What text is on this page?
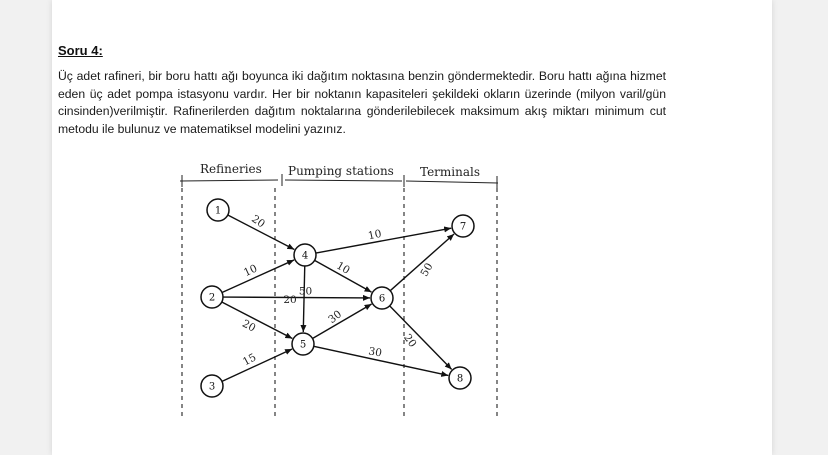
Soru 4:
Üç adet rafineri, bir boru hattı ağı boyunca iki dağıtım noktasına benzin göndermektedir. Boru hattı ağına hizmet eden üç adet pompa istasyonu vardır. Her bir noktanın kapasiteleri şekildeki okların üzerinde (milyon varil/gün cinsinden)verilmiştir. Rafinerilerden dağıtım noktalarına gönderilebilecek maksimum akış miktarı minimum cut metodu ile bulunuz ve matematiksel modelini yazınız.
Refineries Pumping stations Terminals
20
10
50
20
15
10
10
20
30
30
50
20
1
2
3
4
5
6
7
8
